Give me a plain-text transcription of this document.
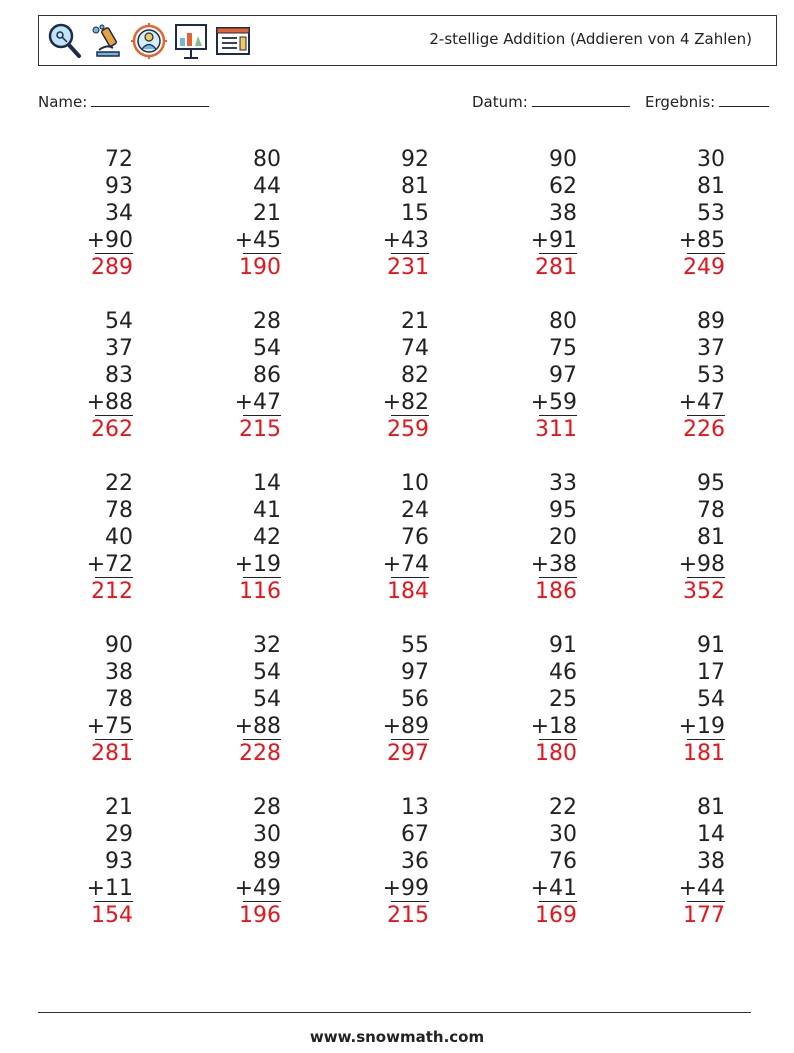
2-stellige Addition (Addieren von 4 Zahlen)
Name:	Datum:	Ergebnis:
72
93
34
+90
289
80
44
21
+45
190
92
81
15
+43
231
90
62
38
+91
281
30
81
53
+85
249
54
37
83
+88
262
28
54
86
+47
215
21
74
82
+82
259
80
75
97
+59
311
89
37
53
+47
226
22
78
40
+72
212
14
41
42
+19
116
10
24
76
+74
184
33
95
20
+38
186
95
78
81
+98
352
90
38
78
+75
281
32
54
54
+88
228
55
97
56
+89
297
91
46
25
+18
180
91
17
54
+19
181
21
29
93
+11
154
28
30
89
+49
196
13
67
36
+99
215
22
30
76
+41
169
81
14
38
+44
177
www.snowmath.com
